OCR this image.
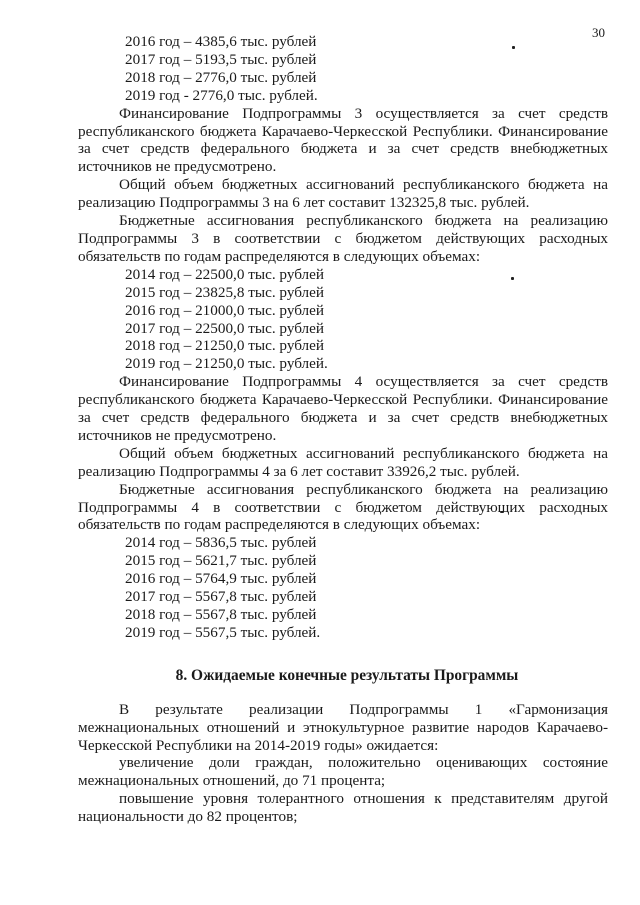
30
2016 год – 4385,6 тыс. рублей
2017 год – 5193,5 тыс. рублей
2018 год – 2776,0 тыс. рублей
2019 год - 2776,0 тыс. рублей.

Финансирование Подпрограммы 3 осуществляется за счет средств республиканского бюджета Карачаево-Черкесской Республики. Финансирование за счет средств федерального бюджета и за счет средств внебюджетных источников не предусмотрено.

Общий объем бюджетных ассигнований республиканского бюджета на реализацию Подпрограммы 3 на 6 лет составит 132325,8 тыс. рублей.

Бюджетные ассигнования республиканского бюджета на реализацию Подпрограммы 3 в соответствии с бюджетом действующих расходных обязательств по годам распределяются в следующих объемах:

2014 год – 22500,0 тыс. рублей
2015 год – 23825,8 тыс. рублей
2016 год – 21000,0 тыс. рублей
2017 год – 22500,0 тыс. рублей
2018 год – 21250,0 тыс. рублей
2019 год – 21250,0 тыс. рублей.

Финансирование Подпрограммы 4 осуществляется за счет средств республиканского бюджета Карачаево-Черкесской Республики. Финансирование за счет средств федерального бюджета и за счет средств внебюджетных источников не предусмотрено.

Общий объем бюджетных ассигнований республиканского бюджета на реализацию Подпрограммы 4 за 6 лет составит 33926,2 тыс. рублей.

Бюджетные ассигнования республиканского бюджета на реализацию Подпрограммы 4 в соответствии с бюджетом действующих расходных обязательств по годам распределяются в следующих объемах:

2014 год – 5836,5 тыс. рублей
2015 год – 5621,7 тыс. рублей
2016 год – 5764,9 тыс. рублей
2017 год – 5567,8 тыс. рублей
2018 год – 5567,8 тыс. рублей
2019 год – 5567,5 тыс. рублей.
8. Ожидаемые конечные результаты Программы

В результате реализации Подпрограммы 1 «Гармонизация межнациональных отношений и этнокультурное развитие народов Карачаево-Черкесской Республики на 2014-2019 годы» ожидается:

увеличение доли граждан, положительно оценивающих состояние межнациональных отношений, до 71 процента;

повышение уровня толерантного отношения к представителям другой национальности до 82 процентов;
